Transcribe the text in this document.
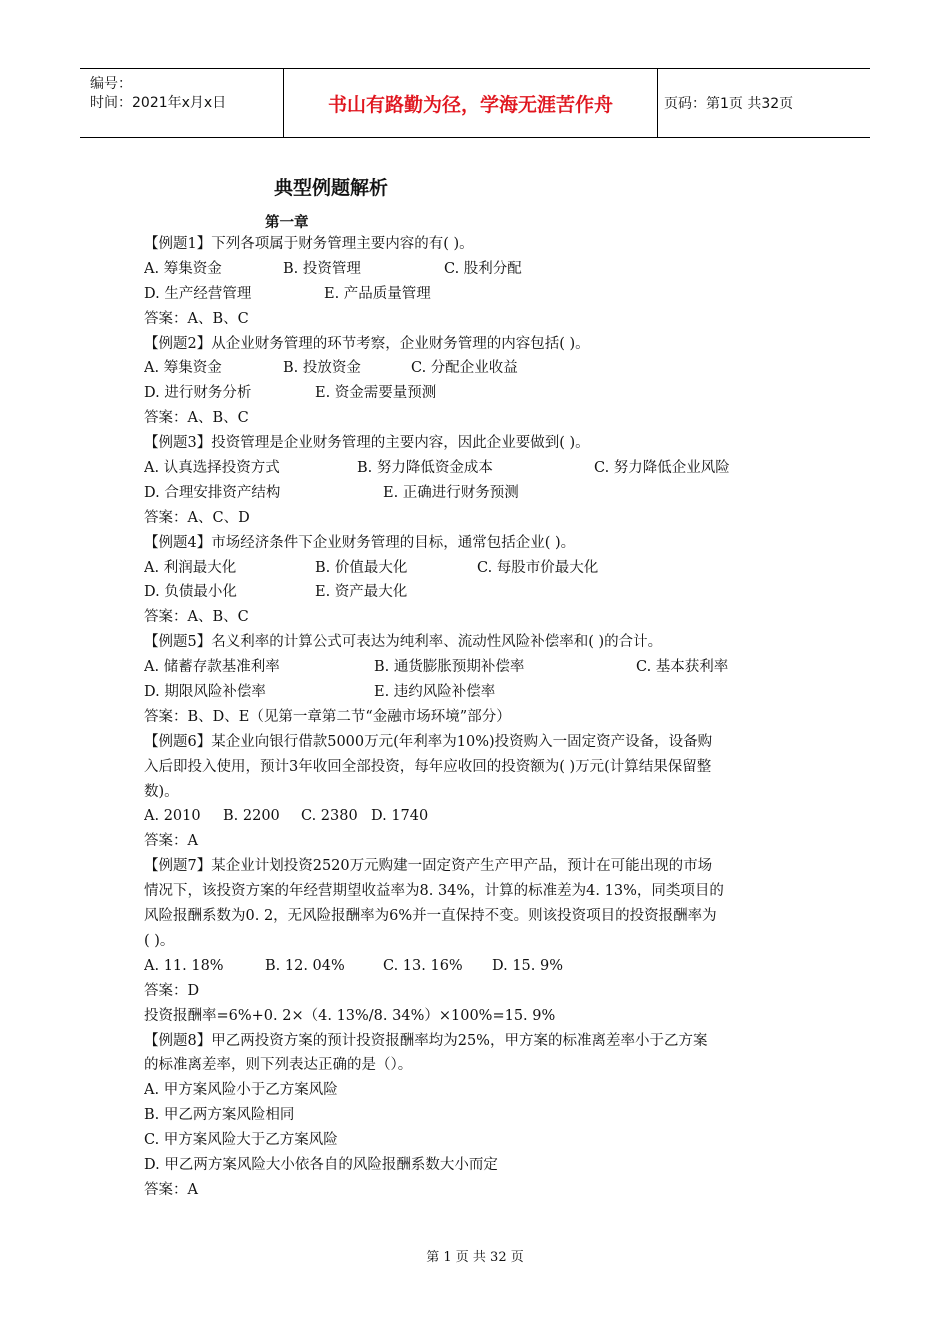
编号：
时间：2021年x月x日	书山有路勤为径，学海无涯苦作舟	页码：第1页 共32页
典型例题解析
第一章
【例题1】下列各项属于财务管理主要内容的有( )。
A. 筹集资金	B. 投资管理	C. 股利分配
D. 生产经营管理	E. 产品质量管理
答案：A、B、C
【例题2】从企业财务管理的环节考察，企业财务管理的内容包括( )。
A. 筹集资金	B. 投放资金	C. 分配企业收益
D. 进行财务分析	E. 资金需要量预测
答案：A、B、C
【例题3】投资管理是企业财务管理的主要内容，因此企业要做到( )。
A. 认真选择投资方式	B. 努力降低资金成本	C. 努力降低企业风险
D. 合理安排资产结构	E. 正确进行财务预测
答案：A、C、D
【例题4】市场经济条件下企业财务管理的目标，通常包括企业( )。
A. 利润最大化	B. 价值最大化	C. 每股市价最大化
D. 负债最小化	E. 资产最大化
答案：A、B、C
【例题5】名义利率的计算公式可表达为纯利率、流动性风险补偿率和( )的合计。
A. 储蓄存款基准利率	B. 通货膨胀预期补偿率	C. 基本获利率
D. 期限风险补偿率	E. 违约风险补偿率
答案：B、D、E（见第一章第二节“金融市场环境”部分）
【例题6】某企业向银行借款5000万元(年利率为10%)投资购入一固定资产设备，设备购
入后即投入使用，预计3年收回全部投资，每年应收回的投资额为( )万元(计算结果保留整
数)。
A. 2010	B. 2200	C. 2380 D. 1740
答案：A
【例题7】某企业计划投资2520万元购建一固定资产生产甲产品，预计在可能出现的市场
情况下，该投资方案的年经营期望收益率为8. 34%，计算的标准差为4. 13%，同类项目的
风险报酬系数为0. 2，无风险报酬率为6%并一直保持不变。则该投资项目的投资报酬率为
( )。
A. 11. 18%	B. 12. 04%	C. 13. 16%	D. 15. 9%
答案：D
投资报酬率=6%+0. 2×（4. 13%/8. 34%）×100%=15. 9%
【例题8】甲乙两投资方案的预计投资报酬率均为25%，甲方案的标准离差率小于乙方案
的标准离差率，则下列表达正确的是（）。
A. 甲方案风险小于乙方案风险
B. 甲乙两方案风险相同
C. 甲方案风险大于乙方案风险
D. 甲乙两方案风险大小依各自的风险报酬系数大小而定
答案：A
第 1 页 共 32 页
